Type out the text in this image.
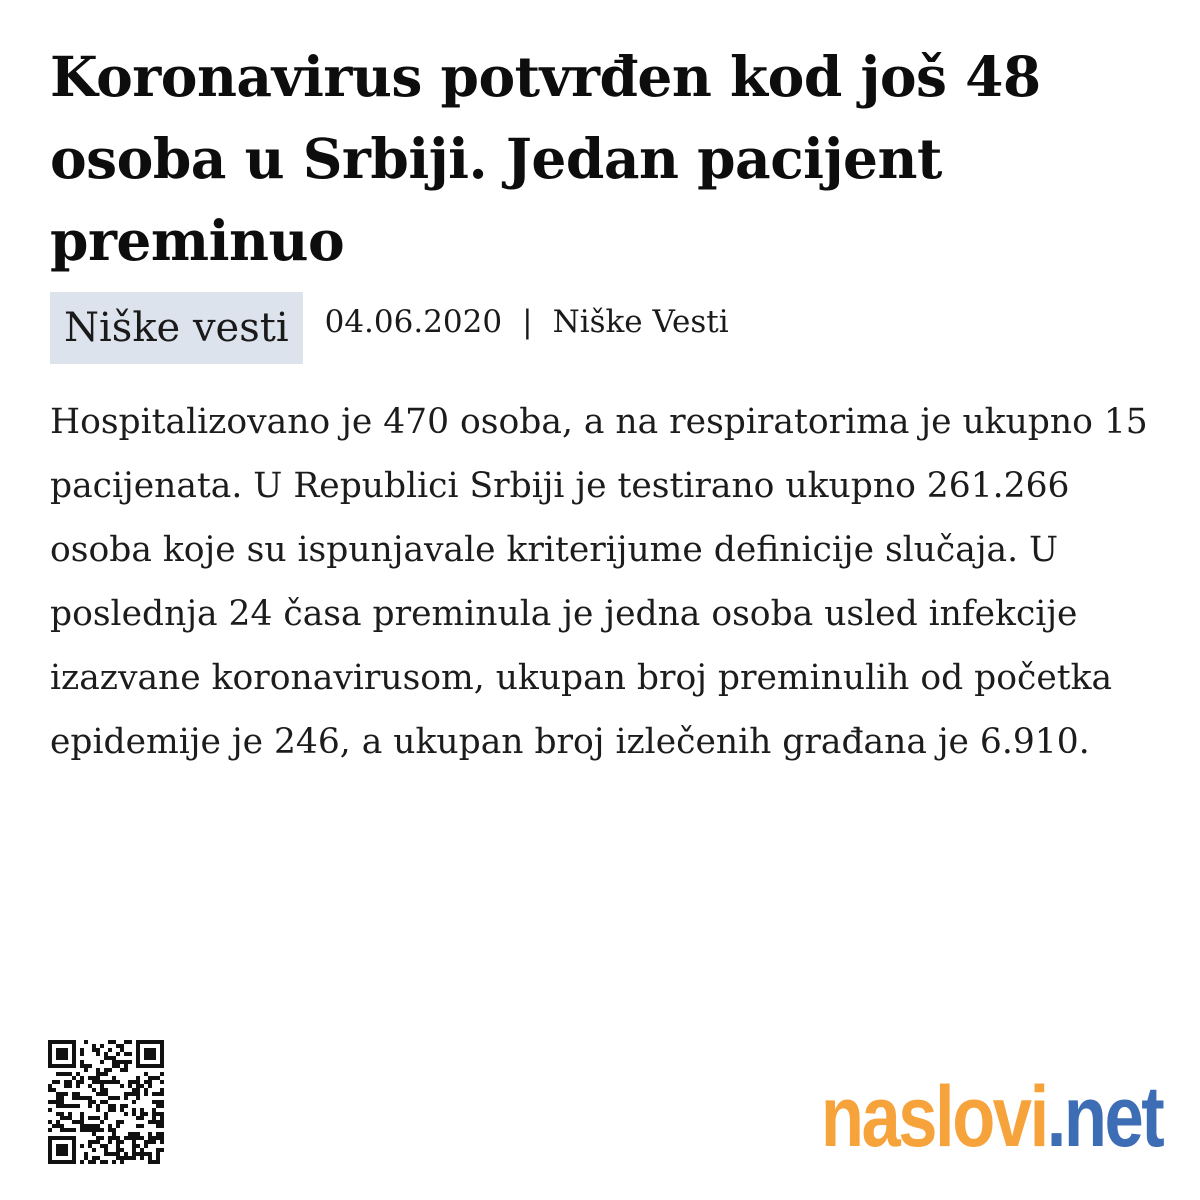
Koronavirus potvrđen kod još 48 osoba u Srbiji. Jedan pacijent preminuo
Niške vesti	04.06.2020 | Niške Vesti

Hospitalizovano je 470 osoba, a na respiratorima je ukupno 15 pacijenata. U Republici Srbiji je testirano ukupno 261.266 osoba koje su ispunjavale kriterijume definicije slučaja. U poslednja 24 časa preminula je jedna osoba usled infekcije izazvane koronavirusom, ukupan broj preminulih od početka epidemije je 246, a ukupan broj izlečenih građana je 6.910.

naslovi.net
